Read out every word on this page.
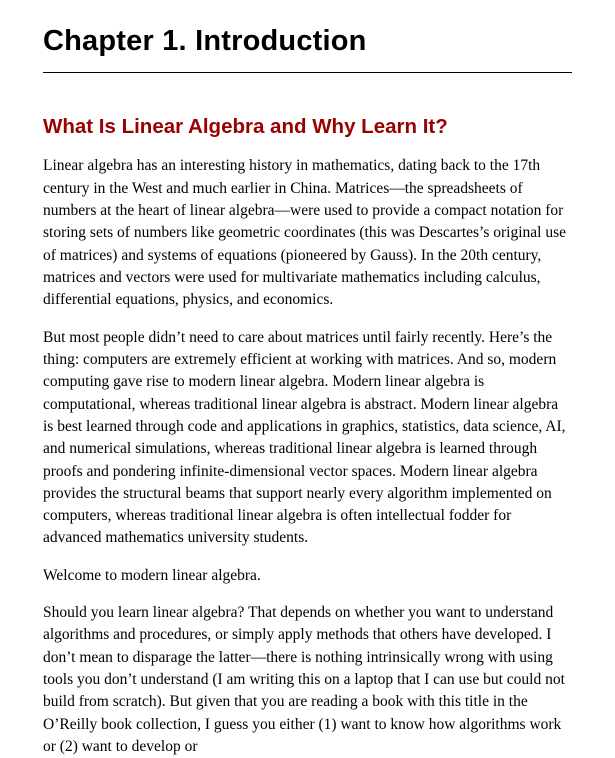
Chapter 1. Introduction
What Is Linear Algebra and Why Learn It?

Linear algebra has an interesting history in mathematics, dating back to the 17th century in the West and much earlier in China. Matrices—the spreadsheets of numbers at the heart of linear algebra—were used to provide a compact notation for storing sets of numbers like geometric coordinates (this was Descartes’s original use of matrices) and systems of equations (pioneered by Gauss). In the 20th century, matrices and vectors were used for multivariate mathematics including calculus, differential equations, physics, and economics.

But most people didn’t need to care about matrices until fairly recently. Here’s the thing: computers are extremely efficient at working with matrices. And so, modern computing gave rise to modern linear algebra. Modern linear algebra is computational, whereas traditional linear algebra is abstract. Modern linear algebra is best learned through code and applications in graphics, statistics, data science, AI, and numerical simulations, whereas traditional linear algebra is learned through proofs and pondering infinite-dimensional vector spaces. Modern linear algebra provides the structural beams that support nearly every algorithm implemented on computers, whereas traditional linear algebra is often intellectual fodder for advanced mathematics university students.

Welcome to modern linear algebra.

Should you learn linear algebra? That depends on whether you want to understand algorithms and procedures, or simply apply methods that others have developed. I don’t mean to disparage the latter—there is nothing intrinsically wrong with using tools you don’t understand (I am writing this on a laptop that I can use but could not build from scratch). But given that you are reading a book with this title in the O’Reilly book collection, I guess you either (1) want to know how algorithms work or (2) want to develop or
